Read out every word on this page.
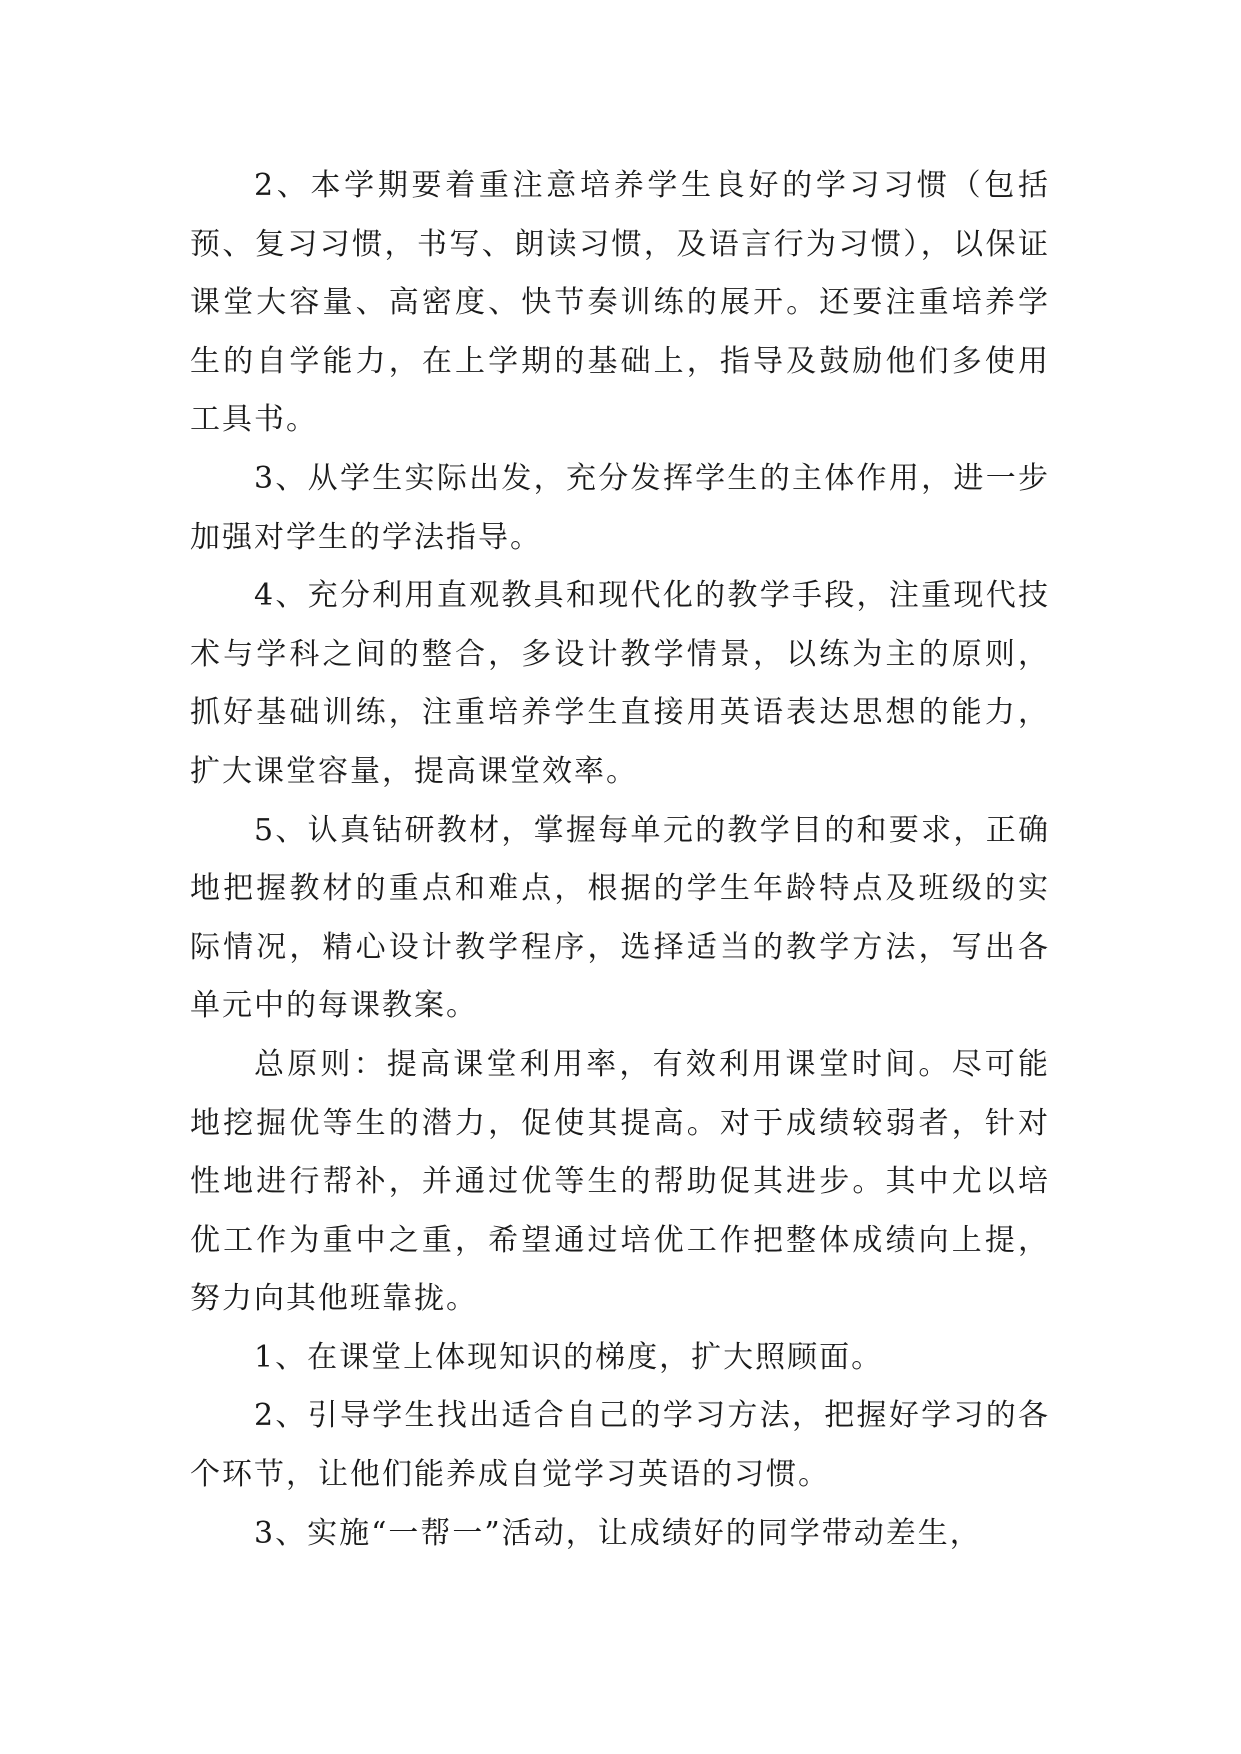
2、本学期要着重注意培养学生良好的学习习惯（包括预、复习习惯，书写、朗读习惯，及语言行为习惯），以保证课堂大容量、高密度、快节奏训练的展开。还要注重培养学生的自学能力，在上学期的基础上，指导及鼓励他们多使用工具书。

3、从学生实际出发，充分发挥学生的主体作用，进一步加强对学生的学法指导。

4、充分利用直观教具和现代化的教学手段，注重现代技术与学科之间的整合，多设计教学情景，以练为主的原则，抓好基础训练，注重培养学生直接用英语表达思想的能力，扩大课堂容量，提高课堂效率。

5、认真钻研教材，掌握每单元的教学目的和要求，正确地把握教材的重点和难点，根据的学生年龄特点及班级的实际情况，精心设计教学程序，选择适当的教学方法，写出各单元中的每课教案。

总原则：提高课堂利用率，有效利用课堂时间。尽可能地挖掘优等生的潜力，促使其提高。对于成绩较弱者，针对性地进行帮补，并通过优等生的帮助促其进步。其中尤以培优工作为重中之重，希望通过培优工作把整体成绩向上提，努力向其他班靠拢。

1、在课堂上体现知识的梯度，扩大照顾面。

2、引导学生找出适合自己的学习方法，把握好学习的各个环节，让他们能养成自觉学习英语的习惯。

3、实施“一帮一”活动，让成绩好的同学带动差生，
